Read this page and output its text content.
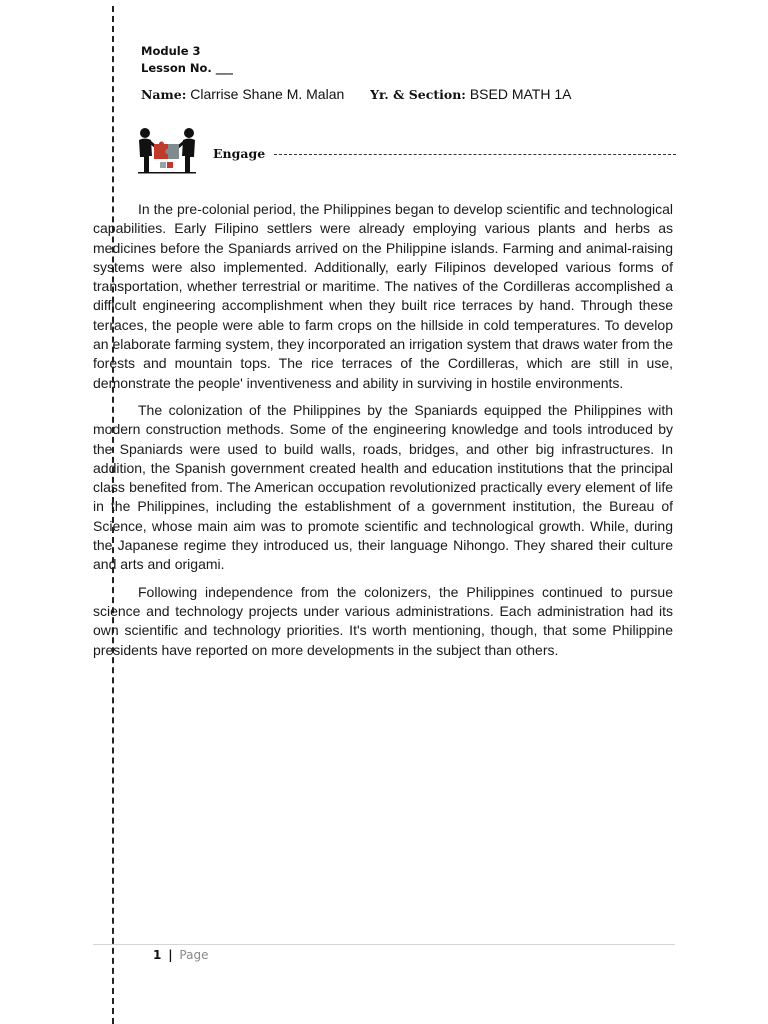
Module 3
Lesson No. ___
Name: Clarrise Shane M. Malan Yr. & Section: BSED MATH 1A
Engage

In the pre-colonial period, the Philippines began to develop scientific and technological capabilities. Early Filipino settlers were already employing various plants and herbs as medicines before the Spaniards arrived on the Philippine islands. Farming and animal-raising systems were also implemented. Additionally, early Filipinos developed various forms of transportation, whether terrestrial or maritime. The natives of the Cordilleras accomplished a difficult engineering accomplishment when they built rice terraces by hand. Through these terraces, the people were able to farm crops on the hillside in cold temperatures. To develop an elaborate farming system, they incorporated an irrigation system that draws water from the forests and mountain tops. The rice terraces of the Cordilleras, which are still in use, demonstrate the people' inventiveness and ability in surviving in hostile environments.

The colonization of the Philippines by the Spaniards equipped the Philippines with modern construction methods. Some of the engineering knowledge and tools introduced by the Spaniards were used to build walls, roads, bridges, and other big infrastructures. In addition, the Spanish government created health and education institutions that the principal class benefited from. The American occupation revolutionized practically every element of life in the Philippines, including the establishment of a government institution, the Bureau of Science, whose main aim was to promote scientific and technological growth. While, during the Japanese regime they introduced us, their language Nihongo. They shared their culture and arts and origami.

Following independence from the colonizers, the Philippines continued to pursue science and technology projects under various administrations. Each administration had its own scientific and technology priorities. It's worth mentioning, though, that some Philippine presidents have reported on more developments in the subject than others.

1 | Page
